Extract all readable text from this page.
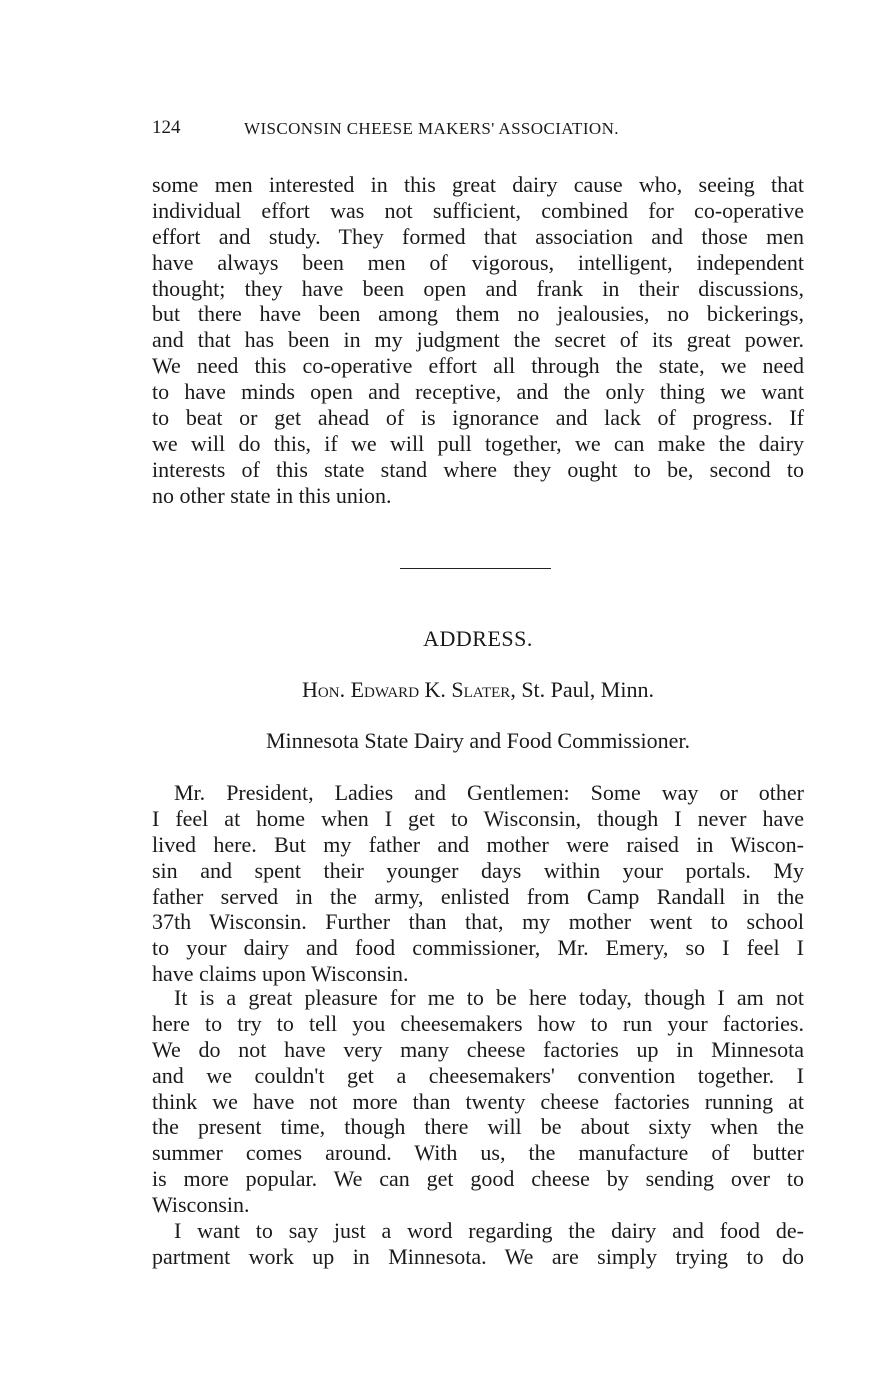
124	WISCONSIN CHEESE MAKERS' ASSOCIATION.
some men interested in this great dairy cause who, seeing that
individual effort was not sufficient, combined for co-operative
effort and study. They formed that association and those men
have always been men of vigorous, intelligent, independent
thought; they have been open and frank in their discussions,
but there have been among them no jealousies, no bickerings,
and that has been in my judgment the secret of its great power.
We need this co-operative effort all through the state, we need
to have minds open and receptive, and the only thing we want
to beat or get ahead of is ignorance and lack of progress. If
we will do this, if we will pull together, we can make the dairy
interests of this state stand where they ought to be, second to
no other state in this union.
ADDRESS.
Hon. Edward K. Slater, St. Paul, Minn.
Minnesota State Dairy and Food Commissioner.
Mr. President, Ladies and Gentlemen: Some way or other
I feel at home when I get to Wisconsin, though I never have
lived here. But my father and mother were raised in Wiscon-
sin and spent their younger days within your portals. My
father served in the army, enlisted from Camp Randall in the
37th Wisconsin. Further than that, my mother went to school
to your dairy and food commissioner, Mr. Emery, so I feel I
have claims upon Wisconsin.
It is a great pleasure for me to be here today, though I am not
here to try to tell you cheesemakers how to run your factories.
We do not have very many cheese factories up in Minnesota
and we couldn't get a cheesemakers' convention together. I
think we have not more than twenty cheese factories running at
the present time, though there will be about sixty when the
summer comes around. With us, the manufacture of butter
is more popular. We can get good cheese by sending over to
Wisconsin.
I want to say just a word regarding the dairy and food de-
partment work up in Minnesota. We are simply trying to do
